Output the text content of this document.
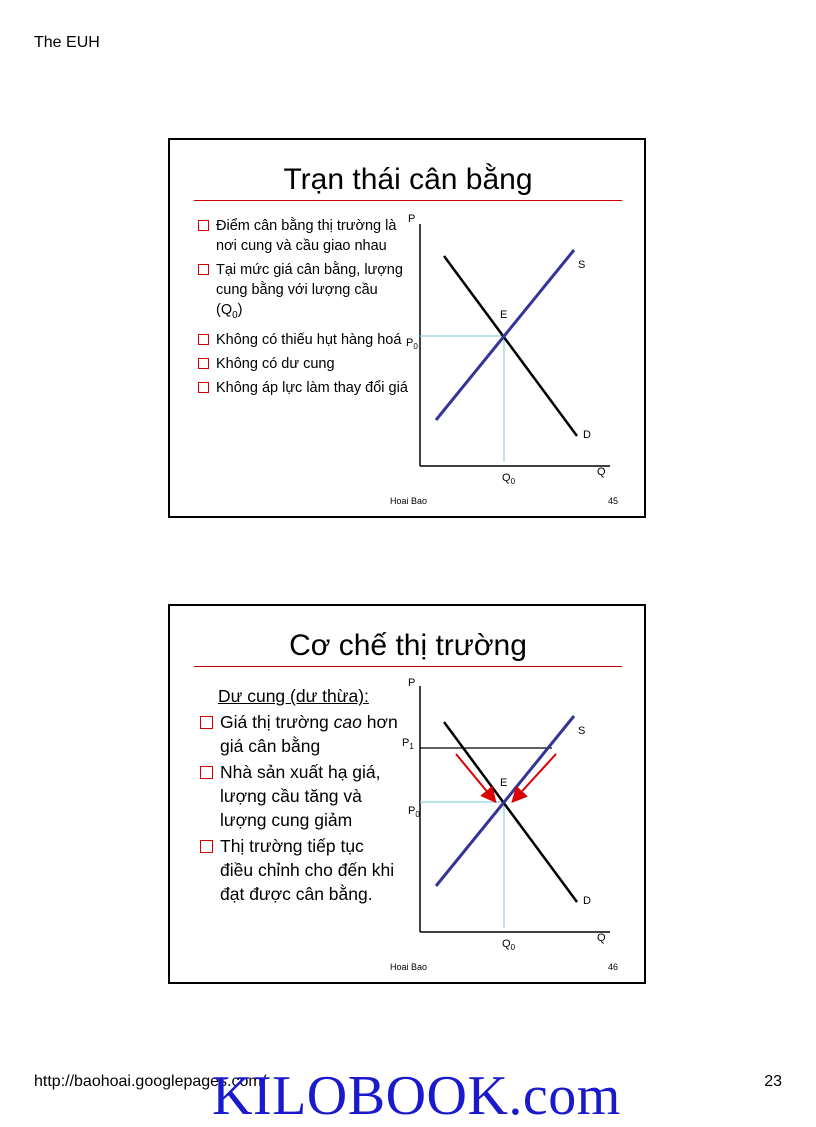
The EUH
Trạn thái cân bằng
Điểm cân bằng thị trường là nơi cung và cầu giao nhau
Tại mức giá cân bằng, lượng cung bằng với lượng cầu $(Q_0)$
Không có thiếu hụt hàng hoá
Không có dư cung
Không áp lực làm thay đổi giá
P
Q
S
D
E
$P_0$
$Q_0$
Hoai Bao	45
Cơ chế thị trường
Dư cung (dư thừa):
Giá thị trường cao hơn giá cân bằng
Nhà sản xuất hạ giá, lượng cầu tăng và lượng cung giảm
Thị trường tiếp tục điều chỉnh cho đến khi đạt được cân bằng.
P
Q
S
D
E
$P_1$
$P_0$
$Q_0$
Hoai Bao	46
http://baohoai.googlepages.com/	23
KILOBOOK.com
